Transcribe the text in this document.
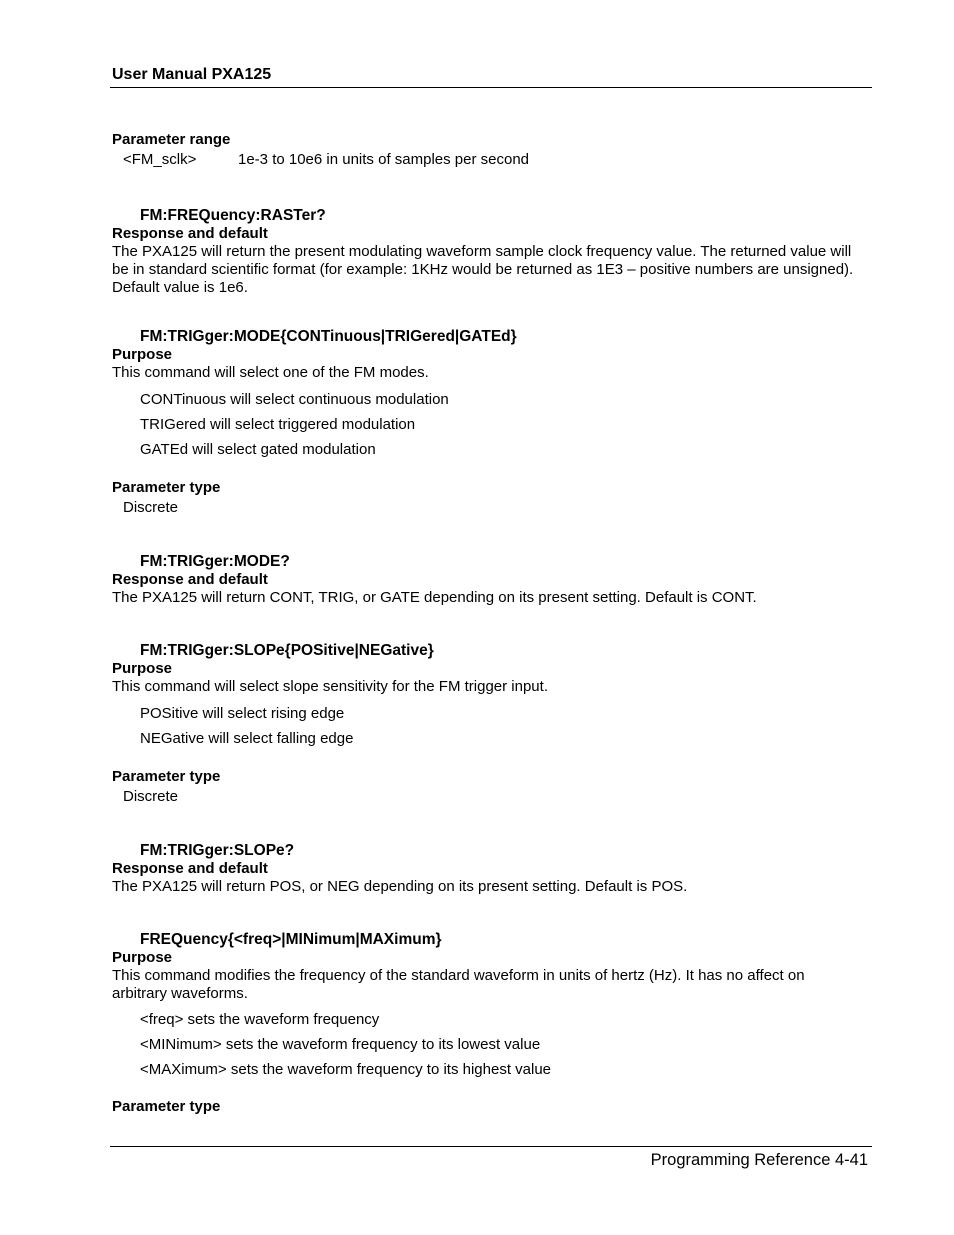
User Manual PXA125

Parameter range

<FM_sclk>	1e-3 to 10e6 in units of samples per second

FM:FREQuency:RASTer?

Response and default

The PXA125 will return the present modulating waveform sample clock frequency value. The returned value will be in standard scientific format (for example: 1KHz would be returned as 1E3 – positive numbers are unsigned). Default value is 1e6.

FM:TRIGger:MODE{CONTinuous|TRIGered|GATEd}

Purpose

This command will select one of the FM modes.

CONTinuous will select continuous modulation

TRIGered will select triggered modulation

GATEd will select gated modulation

Parameter type

Discrete

FM:TRIGger:MODE?

Response and default

The PXA125 will return CONT, TRIG, or GATE depending on its present setting. Default is CONT.

FM:TRIGger:SLOPe{POSitive|NEGative}

Purpose

This command will select slope sensitivity for the FM trigger input.

POSitive will select rising edge

NEGative will select falling edge

Parameter type

Discrete

FM:TRIGger:SLOPe?

Response and default

The PXA125 will return POS, or NEG depending on its present setting. Default is POS.

FREQuency{<freq>|MINimum|MAXimum}

Purpose

This command modifies the frequency of the standard waveform in units of hertz (Hz). It has no affect on arbitrary waveforms.

<freq> sets the waveform frequency

<MINimum> sets the waveform frequency to its lowest value

<MAXimum> sets the waveform frequency to its highest value

Parameter type

Programming Reference 4-41
